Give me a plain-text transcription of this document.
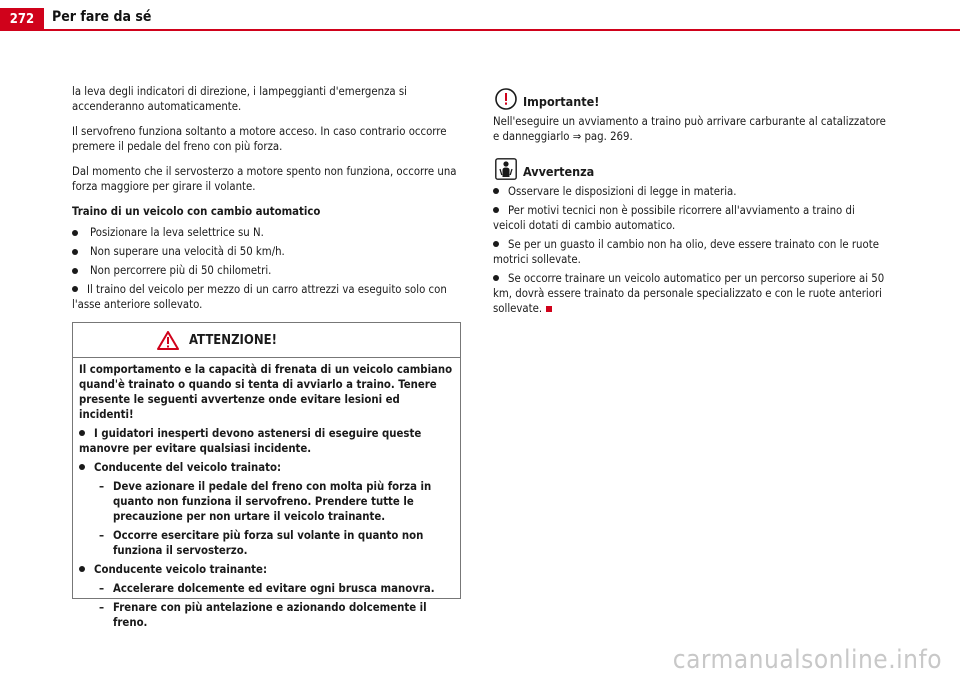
272	Per fare da sé

la leva degli indicatori di direzione, i lampeggianti d'emergenza si accenderanno automaticamente.

Il servofreno funziona soltanto a motore acceso. In caso contrario occorre premere il pedale del freno con più forza.

Dal momento che il servosterzo a motore spento non funziona, occorre una forza maggiore per girare il volante.

Traino di un veicolo con cambio automatico
Posizionare la leva selettrice su N.
Non superare una velocità di 50 km/h.
Non percorrere più di 50 chilometri.
Il traino del veicolo per mezzo di un carro attrezzi va eseguito solo con l'asse anteriore sollevato.
ATTENZIONE!

Il comportamento e la capacità di frenata di un veicolo cambiano quand'è trainato o quando si tenta di avviarlo a traino. Tenere presente le seguenti avvertenze onde evitare lesioni ed incidenti!

I guidatori inesperti devono astenersi di eseguire queste manovre per evitare qualsiasi incidente.
Conducente del veicolo trainato:
– Deve azionare il pedale del freno con molta più forza in quanto non funziona il servofreno. Prendere tutte le precauzione per non urtare il veicolo trainante.
– Occorre esercitare più forza sul volante in quanto non funziona il servosterzo.
Conducente veicolo trainante:
– Accelerare dolcemente ed evitare ogni brusca manovra.
– Frenare con più antelazione e azionando dolcemente il freno.
Importante!
Nell'eseguire un avviamento a traino può arrivare carburante al catalizzatore e danneggiarlo ⇒ pag. 269.
Avvertenza
Osservare le disposizioni di legge in materia.
Per motivi tecnici non è possibile ricorrere all'avviamento a traino di veicoli dotati di cambio automatico.
Se per un guasto il cambio non ha olio, deve essere trainato con le ruote motrici sollevate.
Se occorre trainare un veicolo automatico per un percorso superiore ai 50 km, dovrà essere trainato da personale specializzato e con le ruote anteriori sollevate.
carmanualsonline.info
